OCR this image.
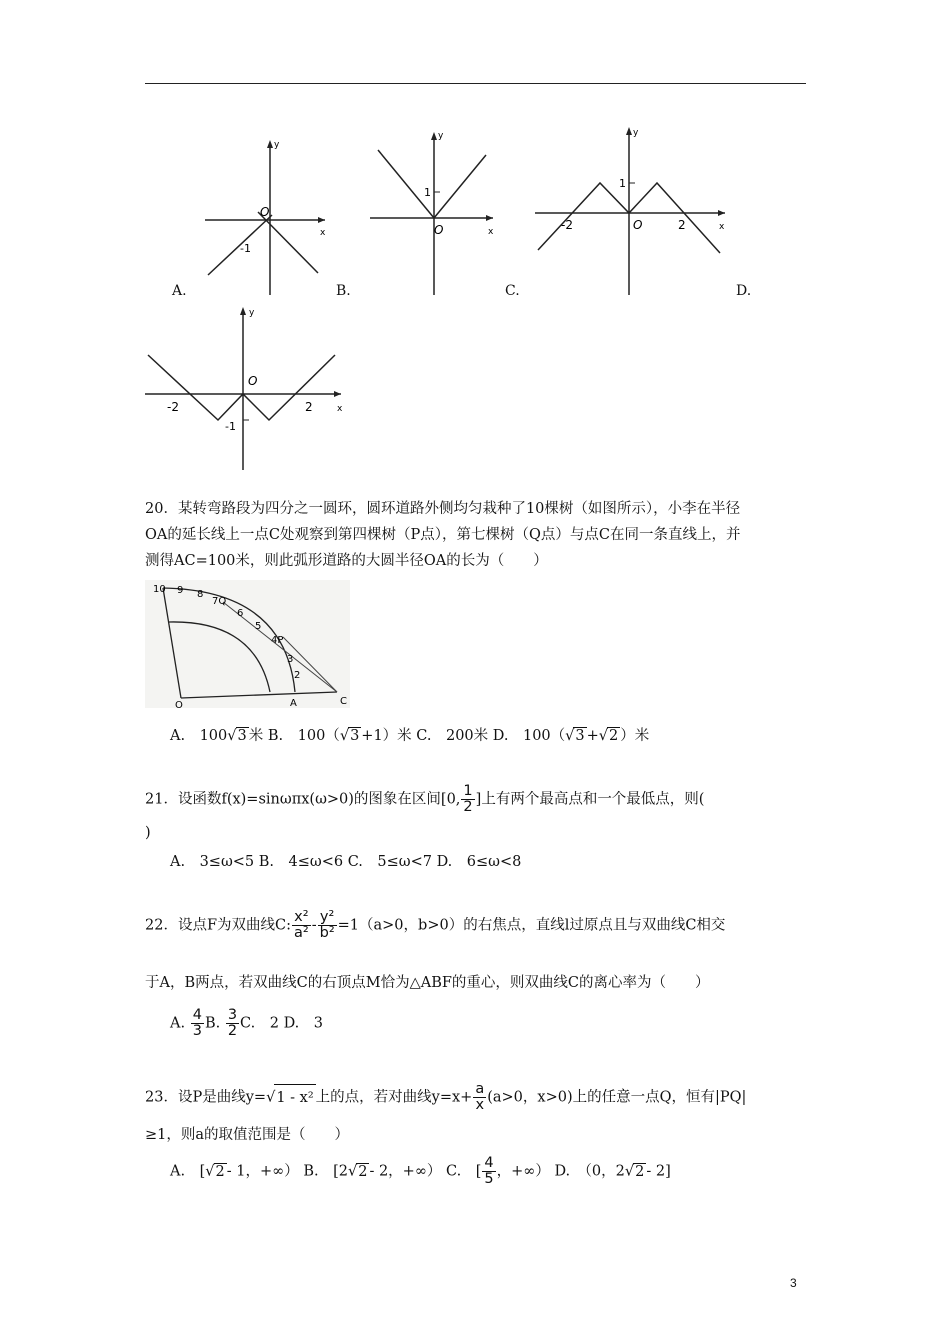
y
x
O
-1
A.
y
x
O
1
B.
y
x
O
1
-2	2
C.	D.
y
x
O
-1
-2	2
20．某转弯路段为四分之一圆环，圆环道路外侧均匀栽种了10棵树（如图所示），小李在半径
OA的延长线上一点C处观察到第四棵树（P点），第七棵树（Q点）与点C在同一条直线上，并
测得AC=100米，则此弧形道路的大圆半径OA的长为（　　）
10 9 8
7Q
6
5
4P
3
2
O	A	C
A.　100√3 米 B.　100（√3 +1）米 C.　200米 D.　100（√3 +√2 ）米
21．设函数f(x)=sinωπx(ω>0)的图象在区间[0, $\frac{1}{2}$ ]上有两个最高点和一个最低点，则(
)
A.　3≤ω<5 B.　4≤ω<6 C.　5≤ω<7 D.　6≤ω<8
22．设点F为双曲线C: $\frac{\text{x²}}{\text{a²}} - \frac{\text{y²}}{\text{b²}} =1(a>0$，b>0）的右焦点，直线l过原点且与双曲线C相交
于A，B两点，若双曲线C的右顶点M恰为△ABF的重心，则双曲线C的离心率为（　　）
A. $\frac{4}{3} B$. $\frac{3}{2} C$.　2 D.　3
23．设P是曲线y=√1 - x² 上的点，若对曲线$y=x+ \frac{a}{x} (a>0$，x>0)上的任意一点Q，恒有|PQ|
≥1，则a的取值范围是（　　）
A.　[√2 - 1，+∞） B.　[2√2 - 2，+∞） C.　[ $\frac{4}{5}$ ，+∞） D.　（0，2√2 - 2]
3
